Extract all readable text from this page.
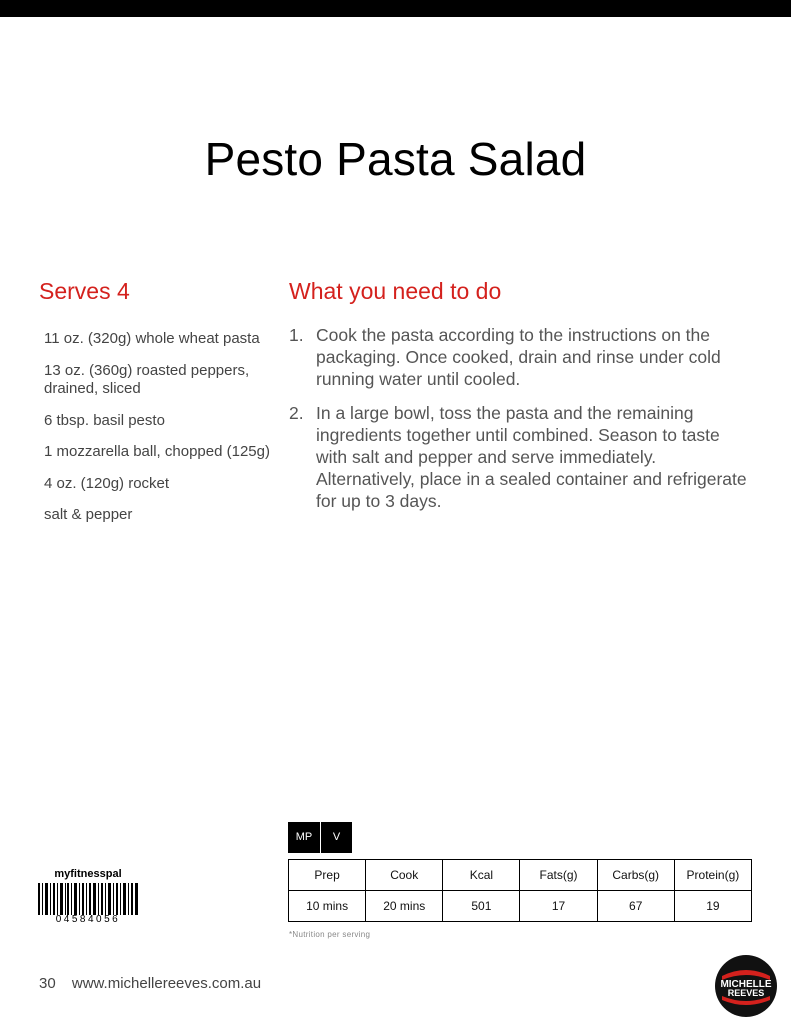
Pesto Pasta Salad
Serves 4	What you need to do
11 oz. (320g) whole wheat pasta
13 oz. (360g) roasted peppers, drained, sliced
6 tbsp. basil pesto
1 mozzarella ball, chopped (125g)
4 oz. (120g) rocket
salt & pepper
1. Cook the pasta according to the instructions on the packaging. Once cooked, drain and rinse under cold running water until cooled.
2. In a large bowl, toss the pasta and the remaining ingredients together until combined. Season to taste with salt and pepper and serve immediately. Alternatively, place in a sealed container and refrigerate for up to 3 days.
MP	V
Prep	Cook	Kcal	Fats(g)	Carbs(g)	Protein(g)
10 mins	20 mins	501	17	67	19
*Nutrition per serving
myfitnesspal
04584056
30 www.michellereeves.com.au	MICHELLE
REEVES
